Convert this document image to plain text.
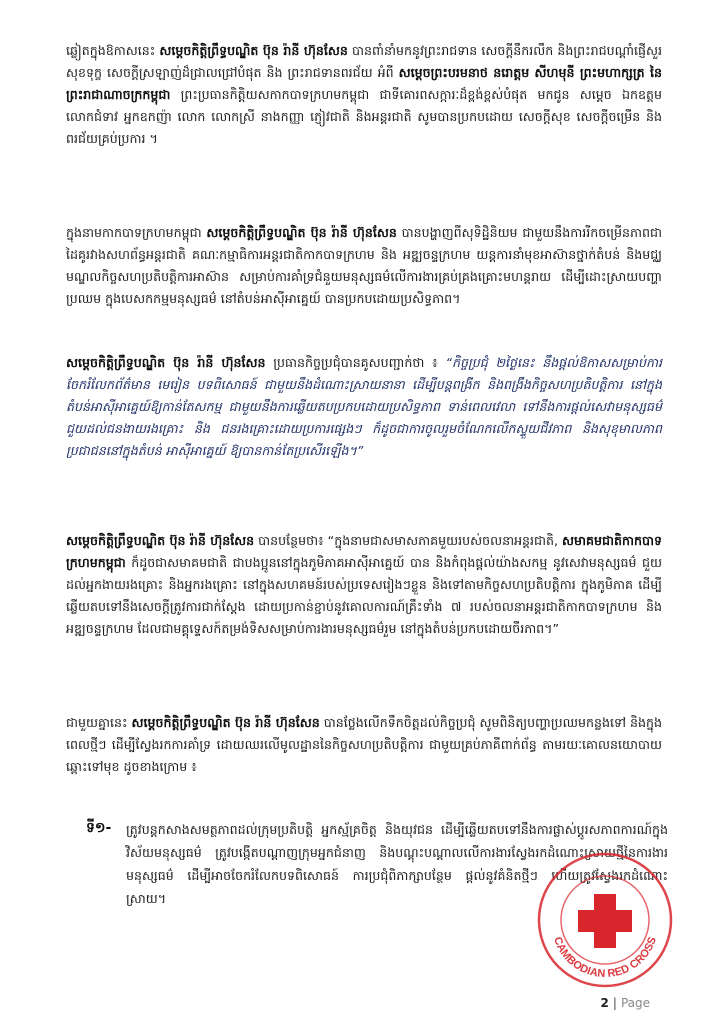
ឆ្លៀតក្នុងឱកាសនេះ សម្តេចកិត្តិព្រឹទ្ធបណ្ឌិត ប៊ុន រ៉ានី ហ៊ុនសែន បានពាំនាំមកនូវព្រះរាជទាន សេចក្តីនឹករលឹក និងព្រះរាជបណ្តាំផ្ញើសួរសុខទុក្ខ សេចក្តីស្រឡាញ់ដ៏ជ្រាលជ្រៅបំផុត និង ព្រះរាជទានពរជ័យ អំពី សម្តេចព្រះបរមនាថ នរោត្តម សីហមុនី ព្រះមហាក្សត្រ នៃព្រះរាជាណាចក្រកម្ពុជា ព្រះប្រធានកិត្តិយសកាកបាទក្រហមកម្ពុជា ជាទីគោរពសក្ការៈដ៏ខ្ពង់ខ្ពស់បំផុត មកជូន សម្តេច ឯកឧត្តម លោកជំទាវ អ្នកឧកញ៉ា លោក លោកស្រី នាងកញ្ញា ភ្ញៀវជាតិ និងអន្តរជាតិ សូមបានប្រកបដោយ សេចក្តីសុខ សេចក្តីចម្រើន និងពរជ័យគ្រប់ប្រការ ។

ក្នុងនាមកាកបាទក្រហមកម្ពុជា សម្តេចកិត្តិព្រឹទ្ធបណ្ឌិត ប៊ុន រ៉ានី ហ៊ុនសែន បានបង្ហាញពីសុទិដ្ឋិនិយម ជាមួយនឹងការរីកចម្រើនភាពជាដៃគូរវាងសហព័ន្ធអន្តរជាតិ គណៈកម្មាធិការអន្តរជាតិកាកបាទក្រហម និង អឌ្ឍចន្ទក្រហម យន្តការនាំមុខអាស៊ានថ្នាក់តំបន់ និងមជ្ឈមណ្ឌលកិច្ចសហប្រតិបត្តិការអាស៊ាន សម្រាប់ការគាំទ្រជំនួយមនុស្សធម៌លើការងារគ្រប់គ្រងគ្រោះមហន្តរាយ ដើម្បីដោះស្រាយបញ្ហាប្រឈម ក្នុងបេសកកម្មមនុស្សធម៌ នៅតំបន់អាស៊ីអាគ្នេយ៍ បានប្រកបដោយប្រសិទ្ធភាព។

សម្តេចកិត្តិព្រឹទ្ធបណ្ឌិត ប៊ុន រ៉ានី ហ៊ុនសែន ប្រធានកិច្ចប្រជុំបានគូសបញ្ជាក់ថា ៖ “កិច្ចប្រជុំ ២ថ្ងៃនេះ នឹងផ្តល់ឱកាសសម្រាប់ការ ចែករំលែកព័ត៌មាន មេរៀន បទពិសោធន៍ ជាមួយនឹងដំណោះស្រាយនានា ដើម្បីបន្តពង្រីក និងពង្រឹងកិច្ចសហប្រតិបត្តិការ នៅក្នុងតំបន់អាស៊ីអាគ្នេយ៍ឱ្យកាន់តែសកម្ម ជាមួយនឹងការឆ្លើយតបប្រកបដោយប្រសិទ្ធភាព ទាន់ពេលវេលា ទៅនឹងការផ្តល់សេវាមនុស្សធម៌ ជួយដល់ជនងាយរងគ្រោះ និង ជនរងគ្រោះដោយប្រការផ្សេងៗ ក៏ដូចជាការចូលរួមចំណែកលើកស្ទួយជីវភាព និងសុខុមាលភាពប្រជាជននៅក្នុងតំបន់ អាស៊ីអាគ្នេយ៍ ឱ្យបានកាន់តែប្រសើរឡើង។”

សម្តេចកិត្តិព្រឹទ្ធបណ្ឌិត ប៊ុន រ៉ានី ហ៊ុនសែន បានបន្ថែមថា៖ “ក្នុងនាមជាសមាសភាគមួយរបស់ចលនាអន្តរជាតិ, សមាគមជាតិកាកបាទក្រហមកម្ពុជា ក៏ដូចជាសមាគមជាតិ ជាបងប្អូននៅក្នុងភូមិភាគអាស៊ីអាគ្នេយ៍ បាន និងកំពុងផ្តល់យ៉ាងសកម្ម នូវសេវាមនុស្សធម៌ ជួយដល់អ្នកងាយរងគ្រោះ និងអ្នករងគ្រោះ នៅក្នុងសហគមន៍របស់ប្រទេសរៀងៗខ្លួន និងទៅតាមកិច្ចសហប្រតិបត្តិការ ក្នុងភូមិភាគ ដើម្បីឆ្លើយតបទៅនឹងសេចក្តីត្រូវការជាក់ស្តែង ដោយប្រកាន់ខ្ជាប់នូវគោលការណ៍គ្រឹះទាំង ៧ របស់ចលនាអន្តរជាតិកាកបាទក្រហម និងអឌ្ឍចន្ទក្រហម ដែលជាមគ្គុទ្ទេសក៍តម្រង់ទិសសម្រាប់ការងារមនុស្សធម៌រួម នៅក្នុងតំបន់ប្រកបដោយចីរភាព។”

ជាមួយគ្នានេះ សម្តេចកិត្តិព្រឹទ្ធបណ្ឌិត ប៊ុន រ៉ានី ហ៊ុនសែន បានថ្លែងលើកទឹកចិត្តដល់កិច្ចប្រជុំ សូមពិនិត្យបញ្ហាប្រឈមកន្លងទៅ និងក្នុងពេលថ្មីៗ ដើម្បីស្វែងរកការគាំទ្រ ដោយឈរលើមូលដ្ឋាននៃកិច្ចសហប្រតិបត្តិការ ជាមួយគ្រប់ភាគីពាក់ព័ន្ធ តាមរយៈគោលនយោបាយឆ្ពោះទៅមុខ ដូចខាងក្រោម ៖

ទី១- ត្រូវបន្តកសាងសមត្ថភាពដល់ក្រុមប្រតិបត្តិ អ្នកស្ម័គ្រចិត្ត និងយុវជន ដើម្បីឆ្លើយតបទៅនឹងការផ្លាស់ប្តូរសភាពការណ៍ក្នុងវិស័យមនុស្សធម៌ ត្រូវបង្កើតបណ្តាញក្រុមអ្នកជំនាញ និងបណ្តុះបណ្តាលលើការងារស្វែងរកដំណោះស្រាយថ្មីនៃការងារមនុស្សធម៌ ដើម្បីអាចចែករំលែកបទពិសោធន៍ ការប្រជុំពិភាក្សាបន្ថែម ផ្តល់នូវគំនិតថ្មីៗ ហើយត្រូវស្វែងរកដំណោះស្រាយ។

CAMBODIAN RED CROSS
2 | Page
